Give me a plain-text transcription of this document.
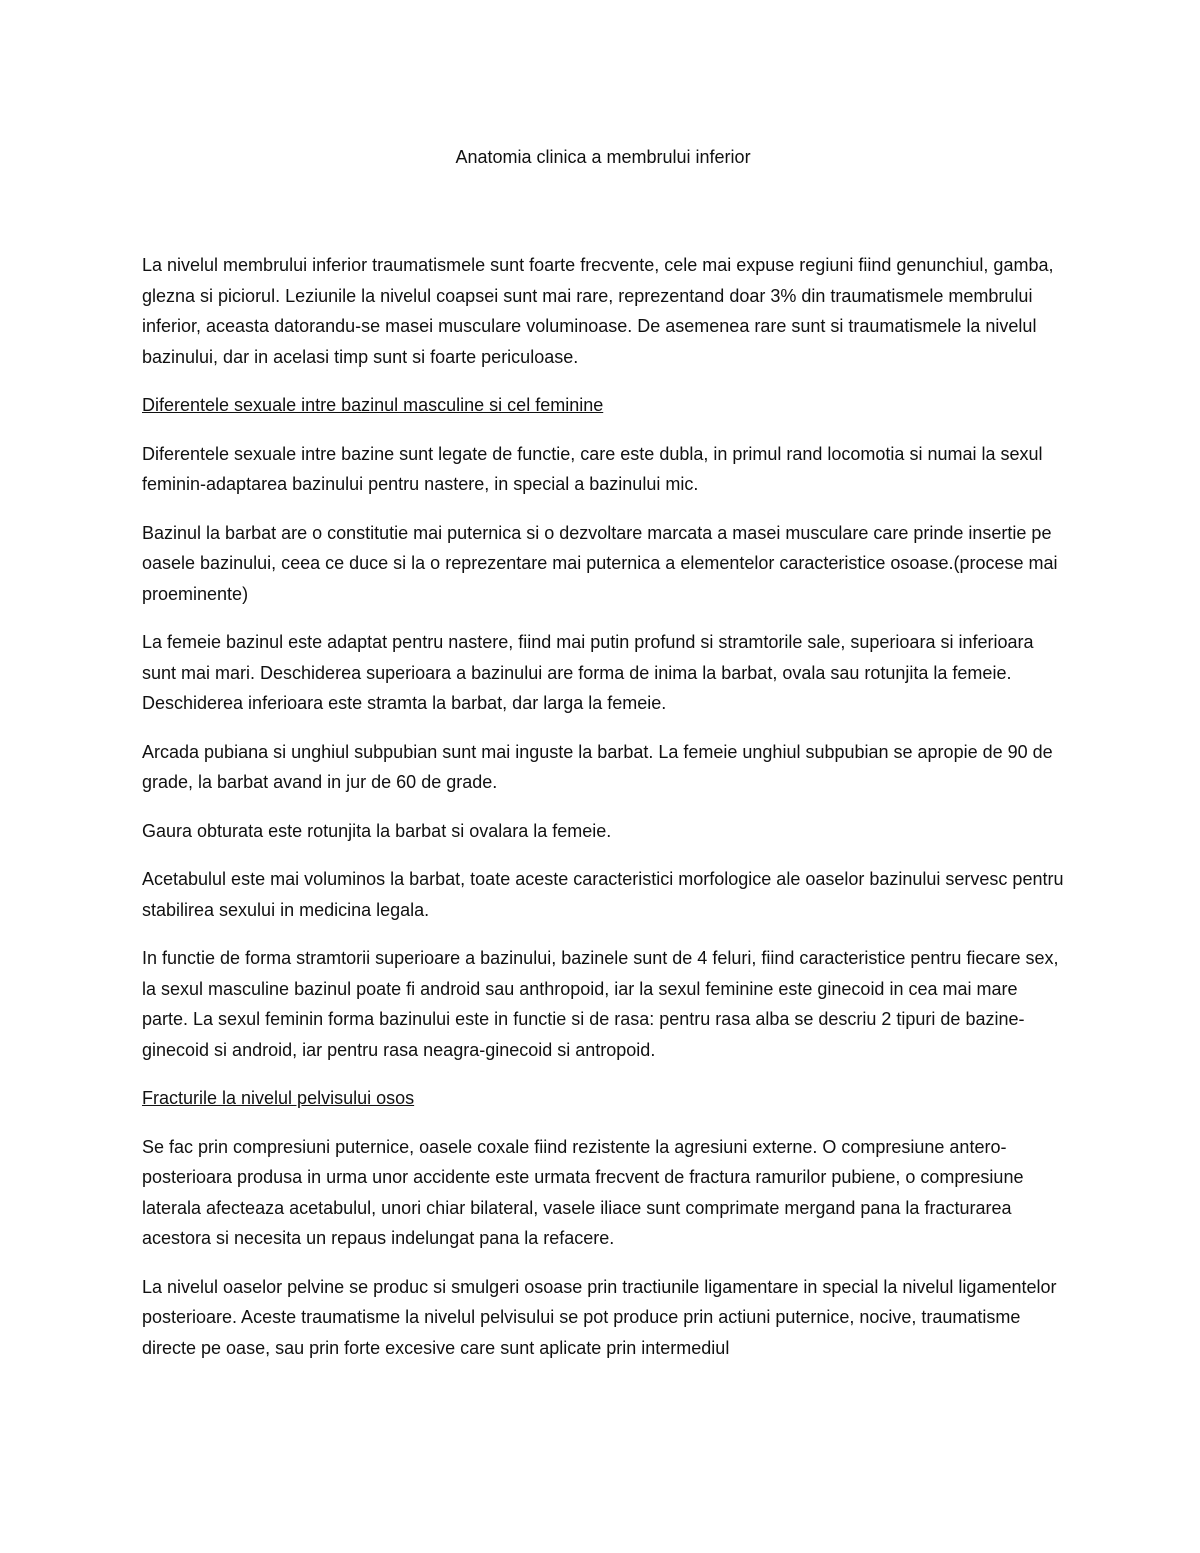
Anatomia clinica a membrului inferior

La nivelul membrului inferior traumatismele sunt foarte frecvente, cele mai expuse regiuni fiind genunchiul, gamba, glezna si piciorul. Leziunile la nivelul coapsei sunt mai rare, reprezentand doar 3% din traumatismele membrului inferior, aceasta datorandu-se masei musculare voluminoase. De asemenea rare sunt si traumatismele la nivelul bazinului, dar in acelasi timp sunt si foarte periculoase.

Diferentele sexuale intre bazinul masculine si cel feminine

Diferentele sexuale intre bazine sunt legate de functie, care este dubla, in primul rand locomotia si numai la sexul feminin-adaptarea bazinului pentru nastere, in special a bazinului mic.

Bazinul la barbat are o constitutie mai puternica si o dezvoltare marcata a masei musculare care prinde insertie pe oasele bazinului, ceea ce duce si la o reprezentare mai puternica a elementelor caracteristice osoase.(procese mai proeminente)

La femeie bazinul este adaptat pentru nastere, fiind mai putin profund si stramtorile sale, superioara si inferioara sunt mai mari. Deschiderea superioara a bazinului are forma de inima la barbat, ovala sau rotunjita la femeie. Deschiderea inferioara este stramta la barbat, dar larga la femeie.

Arcada pubiana si unghiul subpubian sunt mai inguste la barbat. La femeie unghiul subpubian se apropie de 90 de grade, la barbat avand in jur de 60 de grade.

Gaura obturata este rotunjita la barbat si ovalara la femeie.

Acetabulul este mai voluminos la barbat, toate aceste caracteristici morfologice ale oaselor bazinului servesc pentru stabilirea sexului in medicina legala.

In functie de forma stramtorii superioare a bazinului, bazinele sunt de 4 feluri, fiind caracteristice pentru fiecare sex, la sexul masculine bazinul poate fi android sau anthropoid, iar la sexul feminine este ginecoid in cea mai mare parte. La sexul feminin forma bazinului este in functie si de rasa: pentru rasa alba se descriu 2 tipuri de bazine- ginecoid si android, iar pentru rasa neagra-ginecoid si antropoid.

Fracturile la nivelul pelvisului osos

Se fac prin compresiuni puternice, oasele coxale fiind rezistente la agresiuni externe. O compresiune antero-posterioara produsa in urma unor accidente este urmata frecvent de fractura ramurilor pubiene, o compresiune laterala afecteaza acetabulul, unori chiar bilateral, vasele iliace sunt comprimate mergand pana la fracturarea acestora si necesita un repaus indelungat pana la refacere.

La nivelul oaselor pelvine se produc si smulgeri osoase prin tractiunile ligamentare in special la nivelul ligamentelor posterioare. Aceste traumatisme la nivelul pelvisului se pot produce prin actiuni puternice, nocive, traumatisme directe pe oase, sau prin forte excesive care sunt aplicate prin intermediul
